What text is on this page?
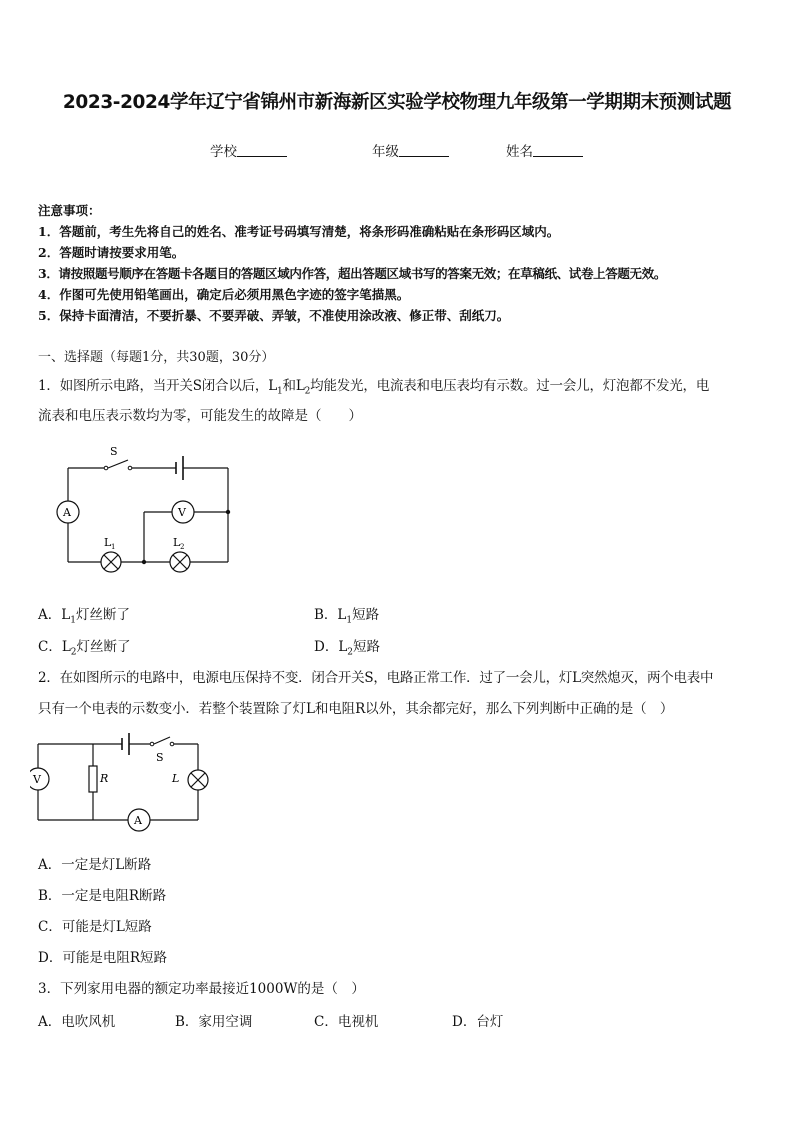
2023-2024学年辽宁省锦州市新海新区实验学校物理九年级第一学期期末预测试题
学校	年级	姓名
注意事项：
1．答题前，考生先将自己的姓名、准考证号码填写清楚，将条形码准确粘贴在条形码区域内。
2．答题时请按要求用笔。
3．请按照题号顺序在答题卡各题目的答题区域内作答，超出答题区域书写的答案无效；在草稿纸、试卷上答题无效。
4．作图可先使用铅笔画出，确定后必须用黑色字迹的签字笔描黑。
5．保持卡面清洁，不要折暴、不要弄破、弄皱，不准使用涂改液、修正带、刮纸刀。
一、选择题（每题1分，共30题，30分）
1．如图所示电路，当开关S闭合以后，$L_1$和$L_2$均能发光，电流表和电压表均有示数。过一会儿，灯泡都不发光，电
流表和电压表示数均为零，可能发生的故障是（　　）
S
A	V
L 1	L 2
A．$L_1$灯丝断了	B．$L_1$短路
C．$L_2$灯丝断了	D．$L_2$短路
2．在如图所示的电路中，电源电压保持不变．闭合开关S，电路正常工作．过了一会儿，灯L突然熄灭，两个电表中
只有一个电表的示数变小．若整个装置除了灯L和电阻R以外，其余都完好，那么下列判断中正确的是（　）
S
V
A
R	L
A．一定是灯L断路
B．一定是电阻R断路
C．可能是灯L短路
D．可能是电阻R短路
3．下列家用电器的额定功率最接近1000W的是（　）
A．电吹风机	B．家用空调	C．电视机	D．台灯
